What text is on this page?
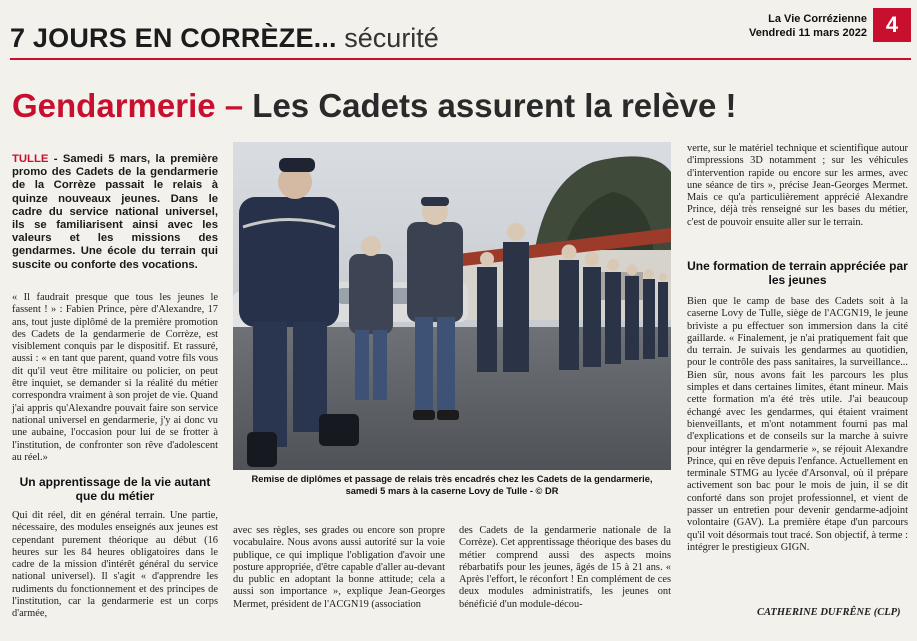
7 JOURS EN CORRÈZE... sécurité
La Vie Corrézienne
Vendredi 11 mars 2022 4
Gendarmerie – Les Cadets assurent la relève !
TULLE - Samedi 5 mars, la première promo des Cadets de la gendarmerie de la Corrèze passait le relais à quinze nouveaux jeunes. Dans le cadre du service national universel, ils se familiarisent ainsi avec les valeurs et les missions des gendarmes. Une école du terrain qui suscite ou conforte des vocations.

« Il faudrait presque que tous les jeunes le fassent ! » : Fabien Prince, père d'Alexandre, 17 ans, tout juste diplômé de la première promotion des Cadets de la gendarmerie de Corrèze, est visiblement conquis par le dispositif. Et rassuré, aussi : « en tant que parent, quand votre fils vous dit qu'il veut être militaire ou policier, on peut être inquiet, se demander si la réalité du métier correspondra vraiment à son projet de vie. Quand j'ai appris qu'Alexandre pouvait faire son service national universel en gendarmerie, j'y ai donc vu une aubaine, l'occasion pour lui de se frotter à l'institution, de confronter son rêve d'adolescent au réel.»

Un apprentissage de la vie autant que du métier
Remise de diplômes et passage de relais très encadrés chez les Cadets de la gendarmerie,
samedi 5 mars à la caserne Lovy de Tulle - © DR

Qui dit réel, dit en général terrain. Une partie, nécessaire, des modules enseignés aux jeunes est cependant purement théorique au début (16 heures sur les 84 heures obligatoires dans le cadre de la mission d'intérêt général du service national universel). Il s'agit « d'apprendre les rudiments du fonctionnement et des principes de l'institution, car la gendarmerie est un corps d'armée,

avec ses règles, ses grades ou encore son propre vocabulaire. Nous avons aussi autorité sur la voie publique, ce qui implique l'obligation d'avoir une posture appropriée, d'être capable d'aller au-devant du public en adoptant la bonne attitude; cela a aussi son importance », explique Jean-Georges Mermet, président de l'ACGN19 (association

des Cadets de la gendarmerie nationale de la Corrèze). Cet apprentissage théorique des bases du métier comprend aussi des aspects moins rébarbatifs pour les jeunes, âgés de 15 à 21 ans. « Après l'effort, le réconfort ! En complément de ces deux modules administratifs, les jeunes ont bénéficié d'un module-décou-

verte, sur le matériel technique et scientifique autour d'impressions 3D notamment ; sur les véhicules d'intervention rapide ou encore sur les armes, avec une séance de tirs », précise Jean-Georges Mermet. Mais ce qu'a particulièrement apprécié Alexandre Prince, déjà très renseigné sur les bases du métier, c'est de pouvoir ensuite aller sur le terrain.

Une formation de terrain appréciée par les jeunes

Bien que le camp de base des Cadets soit à la caserne Lovy de Tulle, siège de l'ACGN19, le jeune briviste a pu effectuer son immersion dans la cité gaillarde. « Finalement, je n'ai pratiquement fait que du terrain. Je suivais les gendarmes au quotidien, pour le contrôle des pass sanitaires, la surveillance... Bien sûr, nous avons fait les parcours les plus simples et dans certaines limites, étant mineur. Mais cette formation m'a été très utile. J'ai beaucoup échangé avec les gendarmes, qui étaient vraiment bienveillants, et m'ont notamment fourni pas mal d'explications et de conseils sur la marche à suivre pour intégrer la gendarmerie », se réjouit Alexandre Prince, qui en rêve depuis l'enfance. Actuellement en terminale STMG au lycée d'Arsonval, où il prépare activement son bac pour le mois de juin, il se dit conforté dans son projet professionnel, et vient de passer un entretien pour devenir gendarme-adjoint volontaire (GAV). La première étape d'un parcours qu'il voit désormais tout tracé. Son objectif, à terme : intégrer le prestigieux GIGN.

CATHERINE DUFRÊNE (CLP)
